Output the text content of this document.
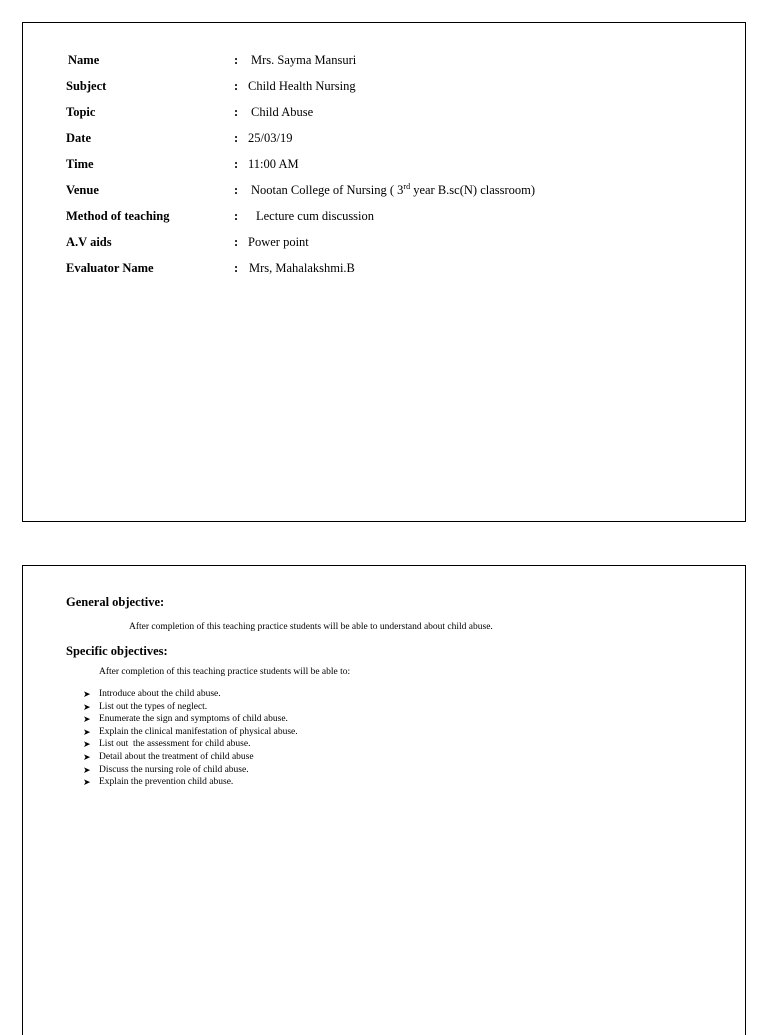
Name	: Mrs. Sayma Mansuri
Subject	: Child Health Nursing
Topic	: Child Abuse
Date	: 25/03/19
Time	: 11:00 AM
Venue	: Nootan College of Nursing ( 3rd year B.sc(N) classroom)
Method of teaching	: Lecture cum discussion
A.V aids	: Power point
Evaluator Name	: Mrs, Mahalakshmi.B
General objective:
After completion of this teaching practice students will be able to understand about child abuse.
Specific objectives:
After completion of this teaching practice students will be able to:
➤ Introduce about the child abuse.
➤ List out the types of neglect.
➤ Enumerate the sign and symptoms of child abuse.
➤ Explain the clinical manifestation of physical abuse.
➤ List out  the assessment for child abuse.
➤ Detail about the treatment of child abuse
➤ Discuss the nursing role of child abuse.
➤ Explain the prevention child abuse.
